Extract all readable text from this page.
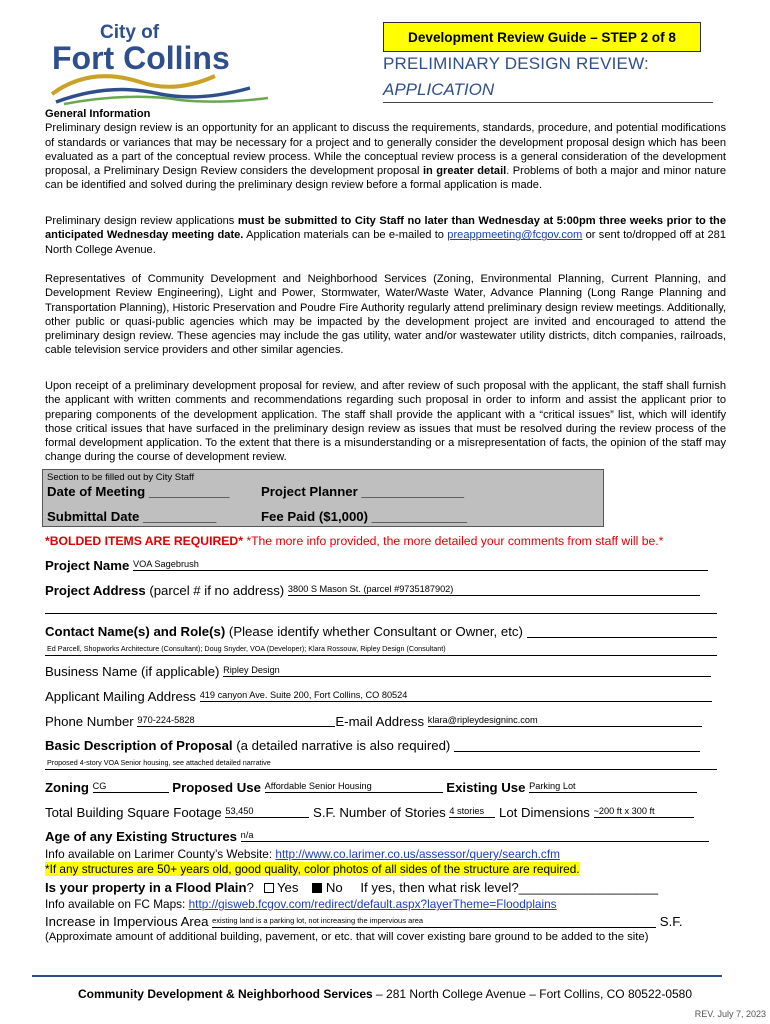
City of
Fort Collins
Development Review Guide – STEP 2 of 8
PRELIMINARY DESIGN REVIEW:
APPLICATION
General Information
Preliminary design review is an opportunity for an applicant to discuss the requirements, standards, procedure, and potential modifications of standards or variances that may be necessary for a project and to generally consider the development proposal design which has been evaluated as a part of the conceptual review process. While the conceptual review process is a general consideration of the development proposal, a Preliminary Design Review considers the development proposal in greater detail. Problems of both a major and minor nature can be identified and solved during the preliminary design review before a formal application is made.
Preliminary design review applications must be submitted to City Staff no later than Wednesday at 5:00pm three weeks prior to the anticipated Wednesday meeting date. Application materials can be e-mailed to preappmeeting@fcgov.com or sent to/dropped off at 281 North College Avenue.
Representatives of Community Development and Neighborhood Services (Zoning, Environmental Planning, Current Planning, and Development Review Engineering), Light and Power, Stormwater, Water/Waste Water, Advance Planning (Long Range Planning and Transportation Planning), Historic Preservation and Poudre Fire Authority regularly attend preliminary design review meetings. Additionally, other public or quasi-public agencies which may be impacted by the development project are invited and encouraged to attend the preliminary design review. These agencies may include the gas utility, water and/or wastewater utility districts, ditch companies, railroads, cable television service providers and other similar agencies.
Upon receipt of a preliminary development proposal for review, and after review of such proposal with the applicant, the staff shall furnish the applicant with written comments and recommendations regarding such proposal in order to inform and assist the applicant prior to preparing components of the development application. The staff shall provide the applicant with a “critical issues” list, which will identify those critical issues that have surfaced in the preliminary design review as issues that must be resolved during the review process of the formal development application. To the extent that there is a misunderstanding or a misrepresentation of facts, the opinion of the staff may change during the course of development review.
Section to be filled out by City Staff
Date of Meeting ___________ Project Planner ______________
Submittal Date __________	Fee Paid ($1,000) _____________
*BOLDED ITEMS ARE REQUIRED* *The more info provided, the more detailed your comments from staff will be.*
Project Name $^{VOA Sagebrush}$
Project Address (parcel # if no address) $^{3800 S Mason St. (parcel \#9735187902)}$
Contact Name(s) and Role(s) (Please identify whether Consultant or Owner, etc)
Ed Parcell, Shopworks Architecture (Consultant); Doug Snyder, VOA (Developer); Klara Rossouw, Ripley Design (Consultant)
Business Name (if applicable) $^{Ripley Design}$
Applicant Mailing Address $^{419 canyon Ave. Suite 200, Fort Collins, CO 80524}$
Phone Number $^{970-224-5828}$	E-mail Address $^{klara@ripleydesigninc.com}$
Basic Description of Proposal (a detailed narrative is also required)
Proposed 4-story VOA Senior housing, see attached detailed narrative
Zoning $^{CG}$	Proposed Use $^{Affordable Senior Housing}$	Existing Use $^{Parking Lot}$
Total Building Square Footage $^{53,450}$	S.F. Number of Stories $^{4 stories}$ Lot Dimensions $^{\sim 200 ft x 300 ft}$
Age of any Existing Structures $^{n/a}$
Info available on Larimer County’s Website: http://www.co.larimer.co.us/assessor/query/search.cfm
*If any structures are 50+ years old, good quality, color photos of all sides of the structure are required.
Is your property in a Flood Plain? Yes No If yes, then what risk level?___________________
Info available on FC Maps: http://gisweb.fcgov.com/redirect/default.aspx?layerTheme=Floodplains
Increase in Impervious Area $^{existing land is a parking lot, not increasing the impervious area}$	S.F.
(Approximate amount of additional building, pavement, or etc. that will cover existing bare ground to be added to the site)
Community Development & Neighborhood Services – 281 North College Avenue – Fort Collins, CO 80522-0580
REV. July 7, 2023
